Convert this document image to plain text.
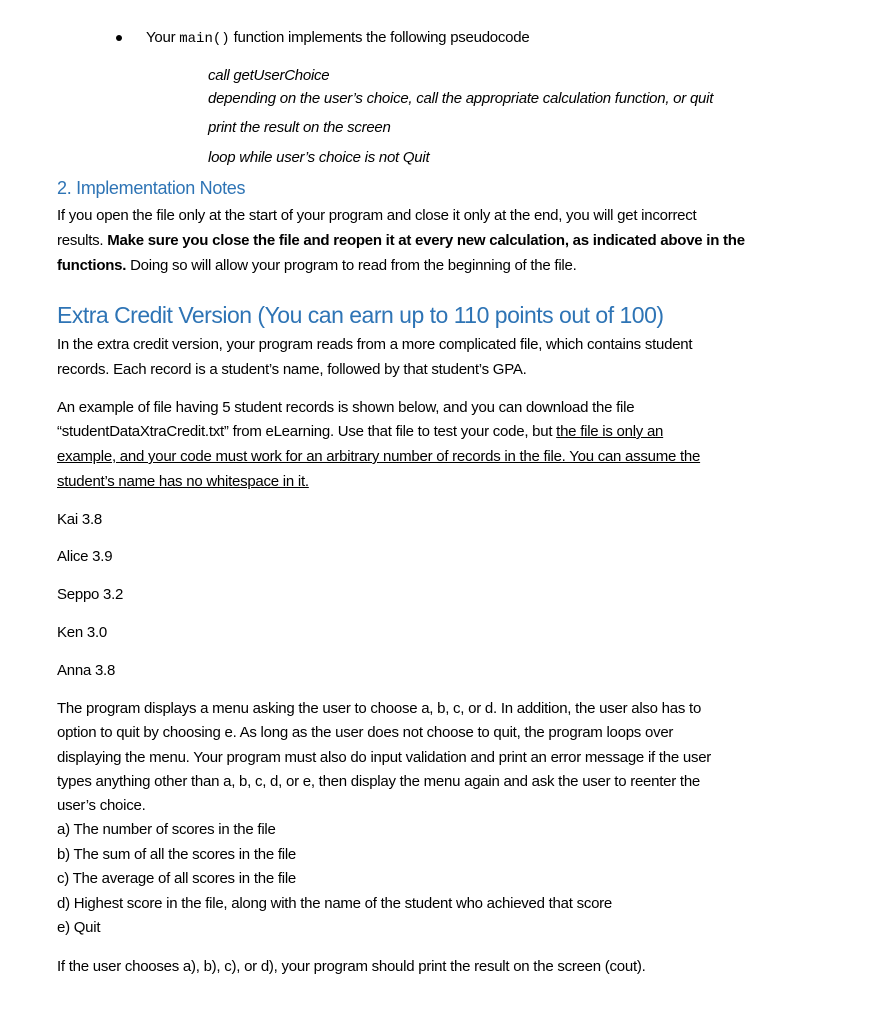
Your main() function implements the following pseudocode
call getUserChoice
depending on the user’s choice, call the appropriate calculation function, or quit
print the result on the screen
loop while user’s choice is not Quit
2. Implementation Notes
If you open the file only at the start of your program and close it only at the end, you will get incorrect
results. Make sure you close the file and reopen it at every new calculation, as indicated above in the
functions. Doing so will allow your program to read from the beginning of the file.
Extra Credit Version (You can earn up to 110 points out of 100)
In the extra credit version, your program reads from a more complicated file, which contains student
records. Each record is a student’s name, followed by that student’s GPA.
An example of file having 5 student records is shown below, and you can download the file
“studentDataXtraCredit.txt” from eLearning. Use that file to test your code, but the file is only an
example, and your code must work for an arbitrary number of records in the file. You can assume the
student’s name has no whitespace in it.
Kai 3.8
Alice 3.9
Seppo 3.2
Ken 3.0
Anna 3.8
The program displays a menu asking the user to choose a, b, c, or d. In addition, the user also has to
option to quit by choosing e. As long as the user does not choose to quit, the program loops over
displaying the menu. Your program must also do input validation and print an error message if the user
types anything other than a, b, c, d, or e, then display the menu again and ask the user to reenter the
user’s choice.
a) The number of scores in the file
b) The sum of all the scores in the file
c) The average of all scores in the file
d) Highest score in the file, along with the name of the student who achieved that score
e) Quit
If the user chooses a), b), c), or d), your program should print the result on the screen (cout).
